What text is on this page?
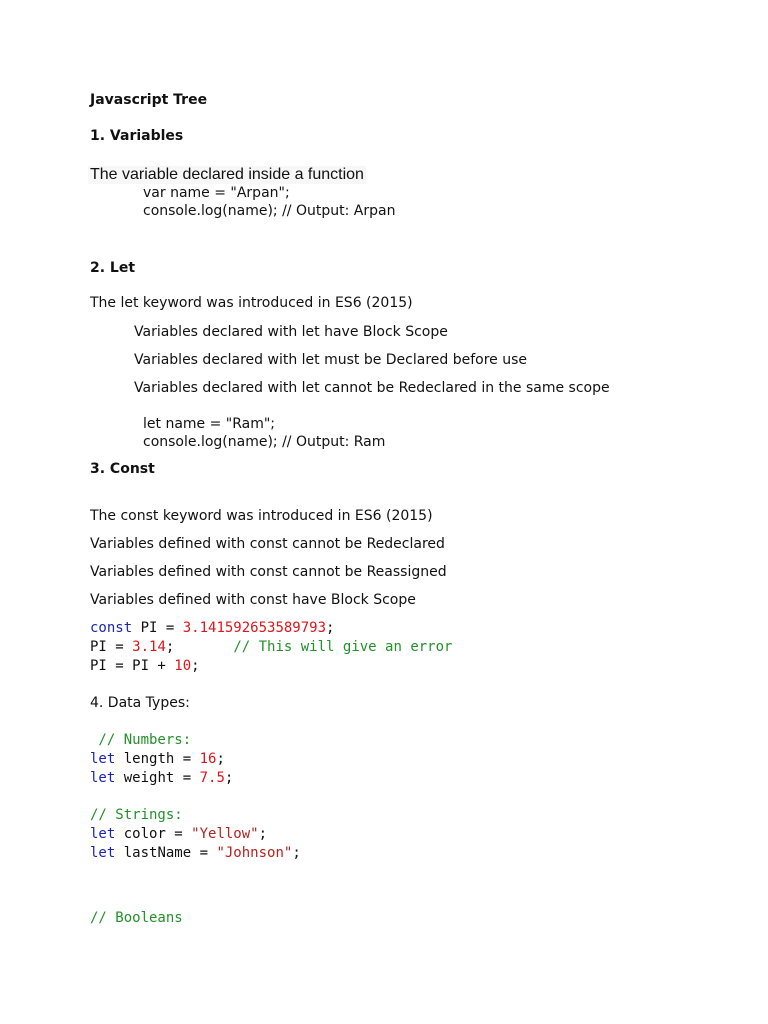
Javascript Tree
1. Variables
The variable declared inside a function
var name = "Arpan";
console.log(name); // Output: Arpan
2. Let
The let keyword was introduced in ES6 (2015)
Variables declared with let have Block Scope
Variables declared with let must be Declared before use
Variables declared with let cannot be Redeclared in the same scope
let name = "Ram";
console.log(name); // Output: Ram
3. Const
The const keyword was introduced in ES6 (2015)
Variables defined with const cannot be Redeclared
Variables defined with const cannot be Reassigned
Variables defined with const have Block Scope
const PI = 3.141592653589793;
PI = 3.14;       // This will give an error
PI = PI + 10;
4. Data Types:
// Numbers:
let length = 16;
let weight = 7.5;
// Strings:
let color = "Yellow";
let lastName = "Johnson";
// Booleans
